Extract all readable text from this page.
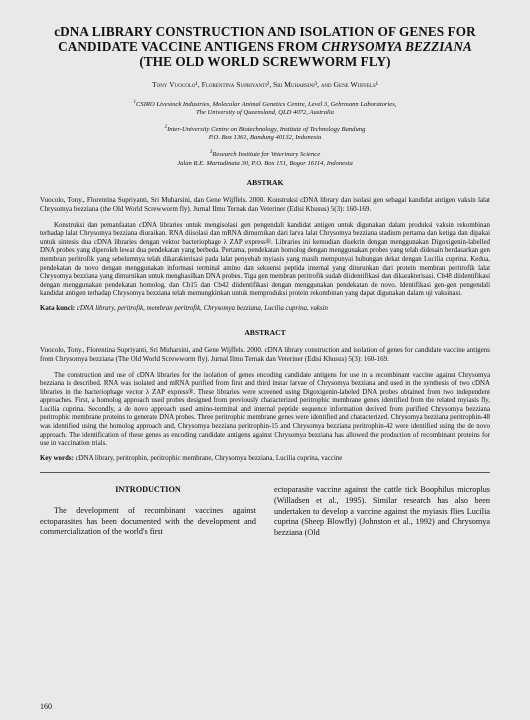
cDNA LIBRARY CONSTRUCTION AND ISOLATION OF GENES FOR
CANDIDATE VACCINE ANTIGENS FROM CHRYSOMYA BEZZIANA
(THE OLD WORLD SCREWWORM FLY)
Tony Vuocolo¹, Florentina Supriyanti², Sri Muharsini³, and Gene Wijffels¹
$^1$CSIRO Livestock Industries, Molecular Animal Genetics Centre, Level 3, Gehrmann Laboratories,
The University of Queensland, QLD 4072, Australia
$^2$Inter-University Centre on Biotechnology, Institute of Technology Bandung
P.O. Box 1361, Bandung 40132, Indonesia
$^3$Research Institute for Veterinary Science
Jalan R.E. Martadinata 30, P.O. Box 151, Bogor 16114, Indonesia
ABSTRAK
Vuocolo, Tony., Florentina Supriyanti, Sri Muharsini, dan Gene Wijffels. 2000. Konstruksi cDNA library dan isolasi gen sebagai kandidat antigen vaksin lalat Chrysomya bezziana (the Old World Screwworm fly). Jurnal Ilmu Ternak dan Veteriner (Edisi Khusus) 5(3): 160-169.

Konstruksi dan pemanfaatan cDNA libraries untuk mengisolasi gen pengendali kandidat antigen untuk digunakan dalam produksi vaksin rekombinan terhadap lalat Chrysomya bezziana diuraikan. RNA diisolasi dan mRNA dimurnikan dari larva lalat Chrysomya bezziana stadium pertama dan ketiga dan dipakai untuk sintesis dua cDNA libraries dengan vektor bacteriophage λ ZAP express®. Libraries ini kemudian disekrin dengan menggunakan Digoxigenin-labelled DNA probes yang diperoleh lewat dua pendekatan yang berbeda. Pertama, pendekatan homolog dengan menggunakan probes yang telah didesain berdasarkan gen membran peritrofik yang sebelumnya telah dikarakterisasi pada lalat penyebab myiasis yang masih mempunyai hubungan dekat dengan Lucilia cuprina. Kedua, pendekatan de novo dengan menggunakan informasi terminal amino dan sekuensi peptida internal yang diturunkan dari protein membran peritrofik lalat Chrysomya bezziana yang dimurnikan untuk menghasilkan DNA probes. Tiga gen membran peritrofik sudah diidentifikasi dan dikarakterisasi. Cb48 diidentifikasi dengan menggunakan pendekatan homolog, dan Cb15 dan Cb42 diidentifikasi dengan menggunakan pendekatan de novo. Identifikasi gen-gen pengendali kandidat antigen terhadap Chrysomya bezziana telah memungkinkan untuk memproduksi protein rekombinan yang dapat digunakan dalam uji vaksinasi.

Kata kunci: cDNA library, peritrofik, membran peritrofik, Chrysomya bezziana, Lucilia cuprina, vaksin
ABSTRACT
Vuocolo, Tony., Florentina Supriyanti, Sri Muharsini, and Gene Wijffels. 2000. cDNA library construction and isolation of genes for candidate vaccine antigens from Chrysomya bezziana (The Old World Screwworm fly). Jurnal Ilmu Ternak dan Veteriner (Edisi Khusus) 5(3): 160-169.

The construction and use of cDNA libraries for the isolation of genes encoding candidate antigens for use in a recombinant vaccine against Chrysomya bezziana is described. RNA was isolated and mRNA purified from first and third instar larvae of Chrysomya bezziana and used in the synthesis of two cDNA libraries in the bacteriophage vector λ ZAP express®. These libraries were screened using Digoxigenin-labeled DNA probes obtained from two independent approaches. First, a homolog approach used probes designed from previously characterized peritrophic membrane genes identified from the related myiasis fly, Lucilia cuprina. Secondly, a de novo approach used amino-terminal and internal peptide sequence information derived from purified Chrysomya bezziana peritrophic membrane proteins to generate DNA probes. Three peritrophic membrane genes were identified and characterized. Chrysomya bezziana peritrophin-48 was identified using the homolog approach and, Chrysomya bezziana peritrophin-15 and Chrysomya bezziana peritrophin-42 were identified using the de novo approach. The identification of these genes as encoding candidate antigens against Chrysomya bezziana has allowed the production of recombinant proteins for use in vaccination trials.

Key words: cDNA library, peritrophin, peritrophic membrane, Chrysomya bezziana, Lucilia cuprina, vaccine
INTRODUCTION
The development of recombinant vaccines against ectoparasites has been documented with the development and commercialization of the world's first
ectoparasite vaccine against the cattle tick Boophilus microplus (Willadsen et al., 1995). Similar research has also been undertaken to develop a vaccine against the myiasis flies Lucilia cuprina (Sheep Blowfly) (Johnston et al., 1992) and Chrysomya bezziana (Old
160
